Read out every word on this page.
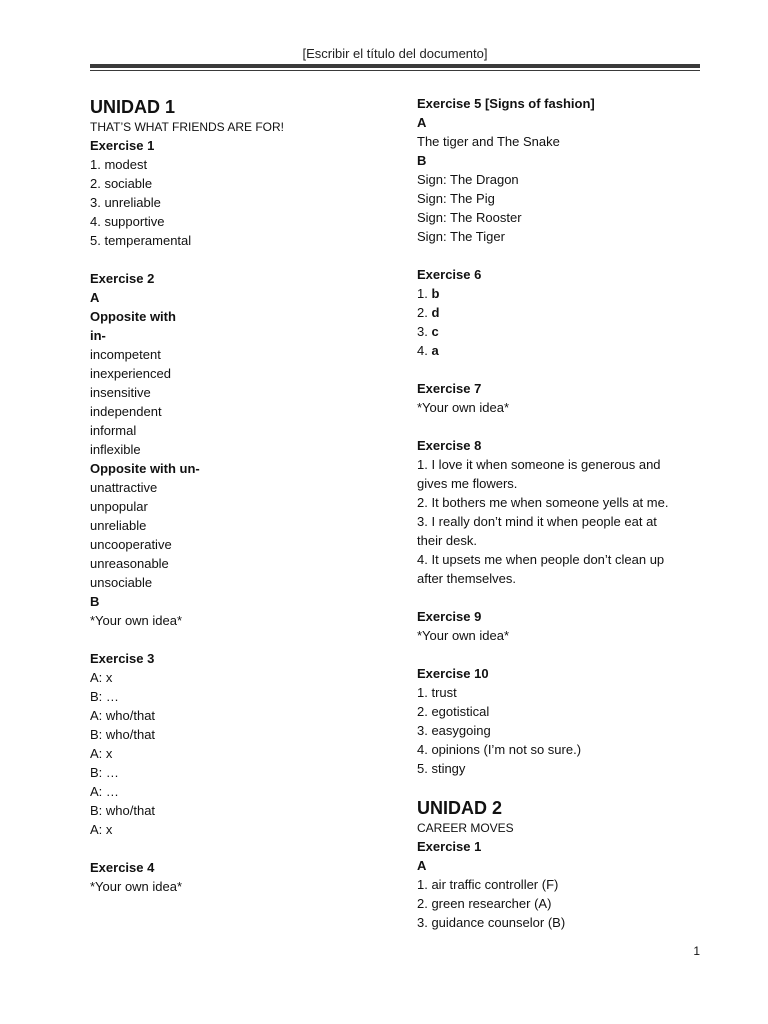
[Escribir el título del documento]
UNIDAD 1
THAT’S WHAT FRIENDS ARE FOR!
Exercise 1
1. modest
2. sociable
3. unreliable
4. supportive
5. temperamental
Exercise 2
A
Opposite with
in-
incompetent
inexperienced
insensitive
independent
informal
inflexible
Opposite with un-
unattractive
unpopular
unreliable
uncooperative
unreasonable
unsociable
B
*Your own idea*
Exercise 3
A: x
B: …
A: who/that
B: who/that
A: x
B: …
A: …
B: who/that
A: x
Exercise 4
*Your own idea*
Exercise 5 [Signs of fashion]
A
The tiger and The Snake
B
Sign: The Dragon
Sign: The Pig
Sign: The Rooster
Sign: The Tiger
Exercise 6
1. b
2. d
3. c
4. a
Exercise 7
*Your own idea*
Exercise 8
1. I love it when someone is generous and
gives me flowers.
2. It bothers me when someone yells at me.
3. I really don’t mind it when people eat at
their desk.
4. It upsets me when people don’t clean up
after themselves.
Exercise 9
*Your own idea*
Exercise 10
1. trust
2. egotistical
3. easygoing
4. opinions (I’m not so sure.)
5. stingy
UNIDAD 2
CAREER MOVES
Exercise 1
A
1. air traffic controller (F)
2. green researcher (A)
3. guidance counselor (B)
1
